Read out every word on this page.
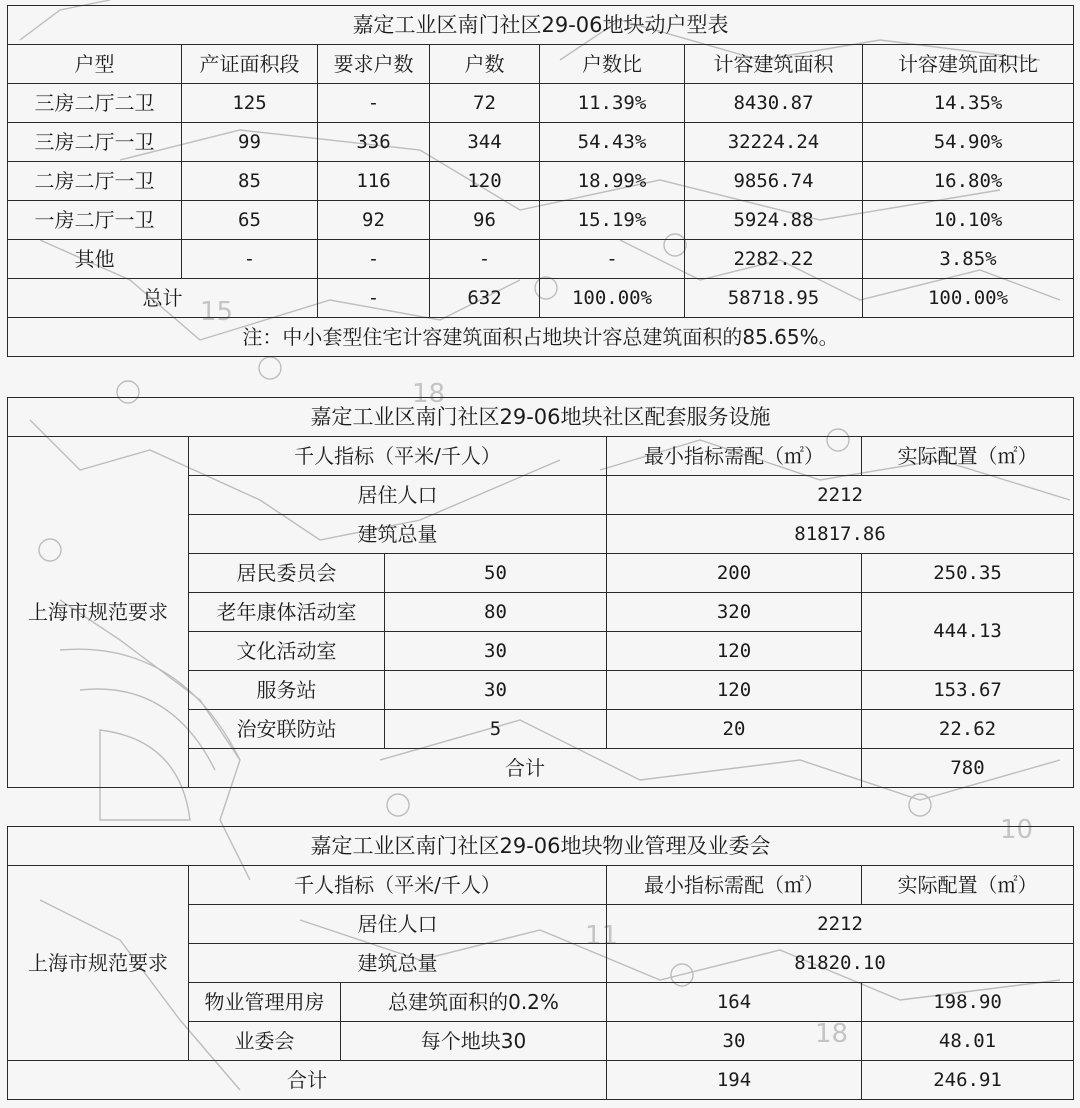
18
18
10
15
11
嘉定工业区南门社区29-06地块动户型表						
户型	产证面积段	要求户数	户数	户数比	计容建筑面积	计容建筑面积比
三房二厅二卫	125	-	72	11.39%	8430.87	14.35%
三房二厅一卫	99	336	344	54.43%	32224.24	54.90%
二房二厅一卫	85	116	120	18.99%	9856.74	16.80%
一房二厅一卫	65	92	96	15.19%	5924.88	10.10%
其他	-	-	-	-	2282.22	3.85%
总计		-	632	100.00%	58718.95	100.00%
注：中小套型住宅计容建筑面积占地块计容总建筑面积的85.65%。						
嘉定工业区南门社区29-06地块社区配套服务设施					
上海市规范要求	千人指标（平米/千人）		最小指标需配（㎡）	实际配置（㎡）	
	居住人口		2212		
	建筑总量		81817.86		
	居民委员会	50	200	250.35	
	老年康体活动室	80	320	444.13	
	文化活动室	30	120		
	服务站	30	120	153.67	
	治安联防站	5	20	22.62	
	合计			780	
嘉定工业区南门社区29-06地块物业管理及业委会				
上海市规范要求	千人指标（平米/千人）		最小指标需配（㎡）	实际配置（㎡）
	居住人口		2212	
	建筑总量		81820.10	
	物业管理用房	总建筑面积的0.2%	164	198.90
	业委会	每个地块30	30	48.01
合计			194	246.91
